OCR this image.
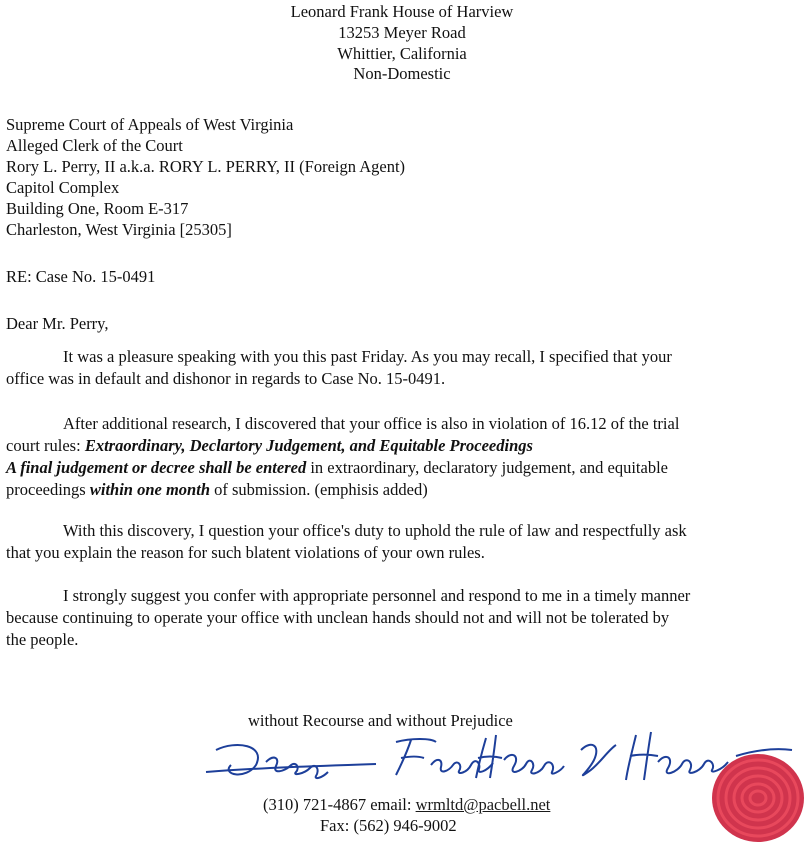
Leonard Frank House of Harview
13253 Meyer Road
Whittier, California
Non-Domestic
Supreme Court of Appeals of West Virginia
Alleged Clerk of the Court
Rory L. Perry, II a.k.a. RORY L. PERRY, II (Foreign Agent)
Capitol Complex
Building One, Room E-317
Charleston, West Virginia [25305]
RE: Case No. 15-0491
Dear Mr. Perry,
It was a pleasure speaking with you this past Friday. As you may recall, I specified that your
office was in default and dishonor in regards to Case No. 15-0491.
After additional research, I discovered that your office is also in violation of 16.12 of the trial
court rules: Extraordinary, Declartory Judgement, and Equitable Proceedings
A final judgement or decree shall be entered in extraordinary, declaratory judgement, and equitable
proceedings within one month of submission. (emphisis added)
With this discovery, I question your office's duty to uphold the rule of law and respectfully ask
that you explain the reason for such blatent violations of your own rules.
I strongly suggest you confer with appropriate personnel and respond to me in a timely manner
because continuing to operate your office with unclean hands should not and will not be tolerated by
the people.
without Recourse and without Prejudice
(310) 721-4867 email: wrmltd@pacbell.net
Fax: (562) 946-9002
